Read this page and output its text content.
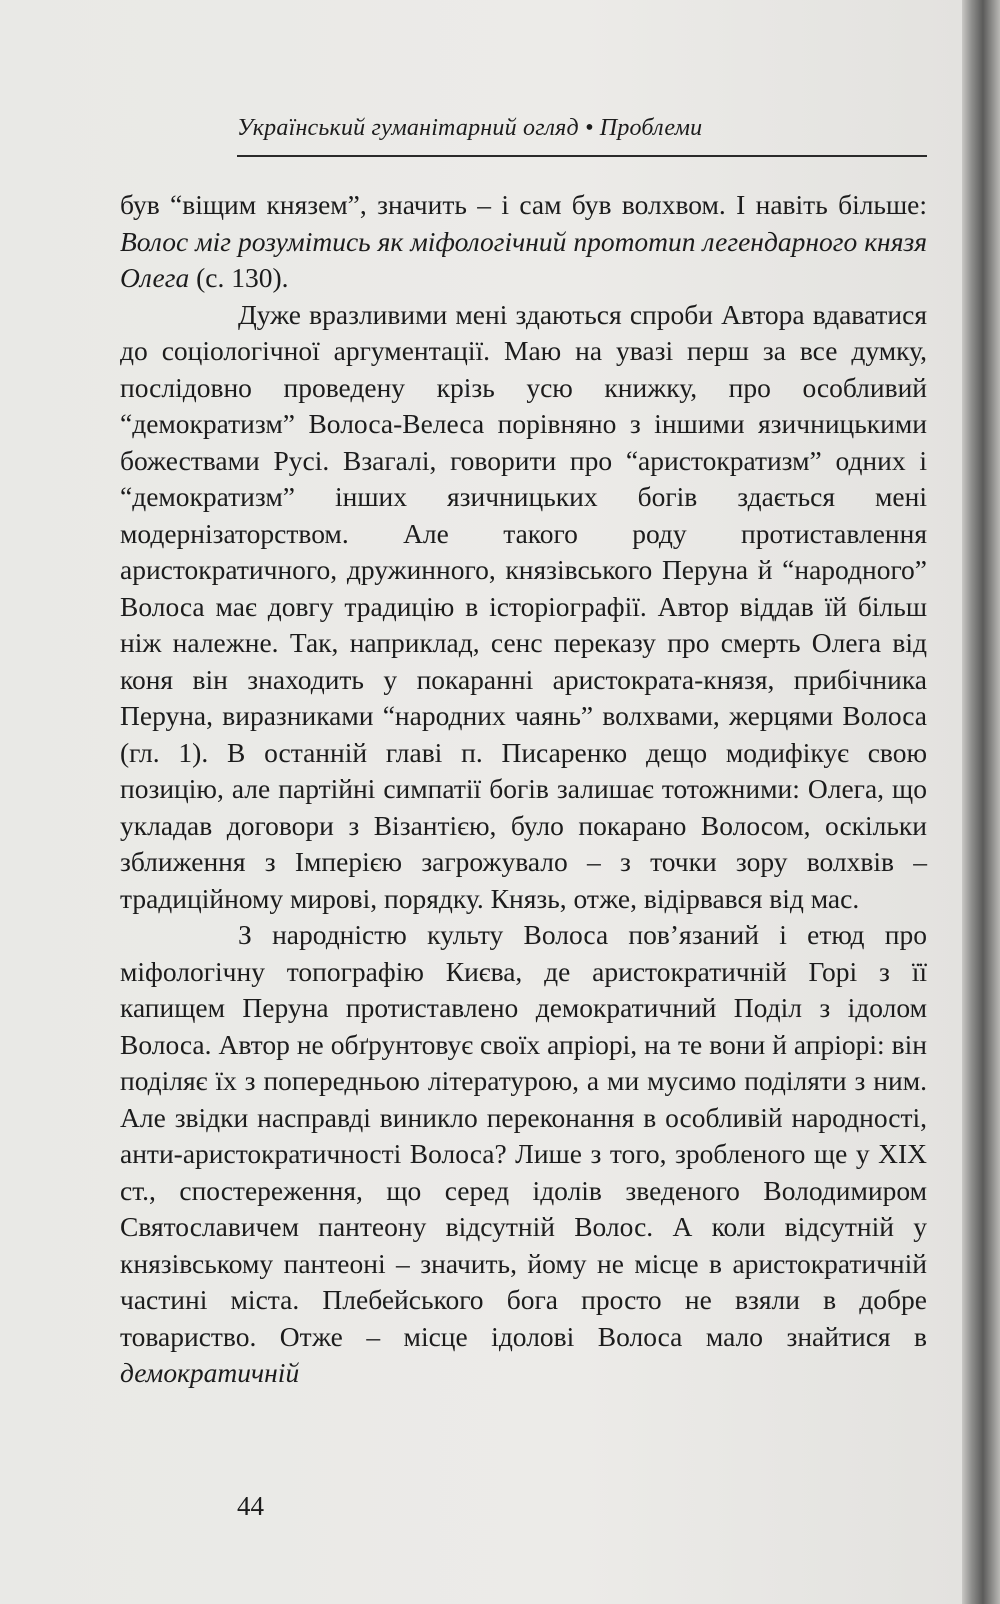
Український гуманітарний огляд • Проблеми

був “віщим князем”, значить – і сам був волхвом. І навіть більше: Волос міг розумітись як міфологічний прототип легендарного князя Олега (с. 130).

Дуже вразливими мені здаються спроби Автора вдаватися до соціологічної аргументації. Маю на увазі перш за все думку, послідовно проведену крізь усю книжку, про особливий “демократизм” Волоса-Велеса порівняно з іншими язичницькими божествами Русі. Взагалі, говорити про “аристократизм” одних і “демократизм” інших язичницьких богів здається мені модернізаторством. Але такого роду протиставлення аристократичного, дружинного, князівського Перуна й “народного” Волоса має довгу традицію в історіографії. Автор віддав їй більш ніж належне. Так, наприклад, сенс переказу про смерть Олега від коня він знаходить у покаранні аристократа-князя, прибічника Перуна, виразниками “народних чаянь” волхвами, жерцями Волоса (гл. 1). В останній главі п. Писаренко дещо модифікує свою позицію, але партійні симпатії богів залишає тотожними: Олега, що укладав договори з Візантією, було покарано Волосом, оскільки зближення з Імперією загрожувало – з точки зору волхвів –традиційному мирові, порядку. Князь, отже, відірвався від мас.

З народністю культу Волоса пов’язаний і етюд про міфологічну топографію Києва, де аристократичній Горі з її капищем Перуна протиставлено демократичний Поділ з ідолом Волоса. Автор не обґрунтовує своїх апріорі, на те вони й апріорі: він поділяє їх з попередньою літературою, а ми мусимо поділяти з ним. Але звідки насправді виникло переконання в особливій народності, анти-аристократичності Волоса? Лише з того, зробленого ще у XIX ст., спостереження, що серед ідолів зведеного Володимиром Святославичем пантеону відсутній Волос. А коли відсутній у князівському пантеоні – значить, йому не місце в аристократичній частині міста. Плебейського бога просто не взяли в добре товариство. Отже – місце ідолові Волоса мало знайтися в демократичній

44
